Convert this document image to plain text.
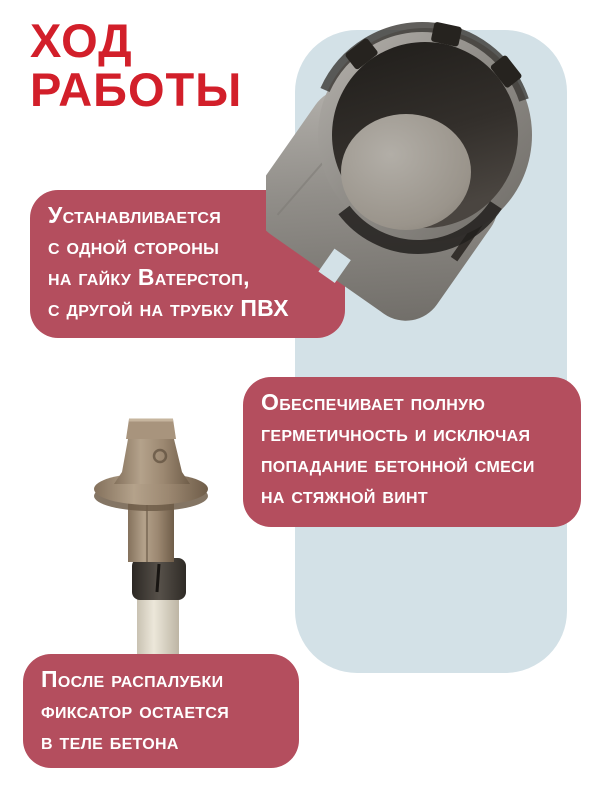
ХОД
РАБОТЫ
Устанавливается
с одной стороны
на гайку Ватерстоп,
с другой на трубку ПВХ
Обеспечивает полную
герметичность и исключая
попадание бетонной смеси
на стяжной винт
После распалубки
фиксатор остается
в теле бетона
